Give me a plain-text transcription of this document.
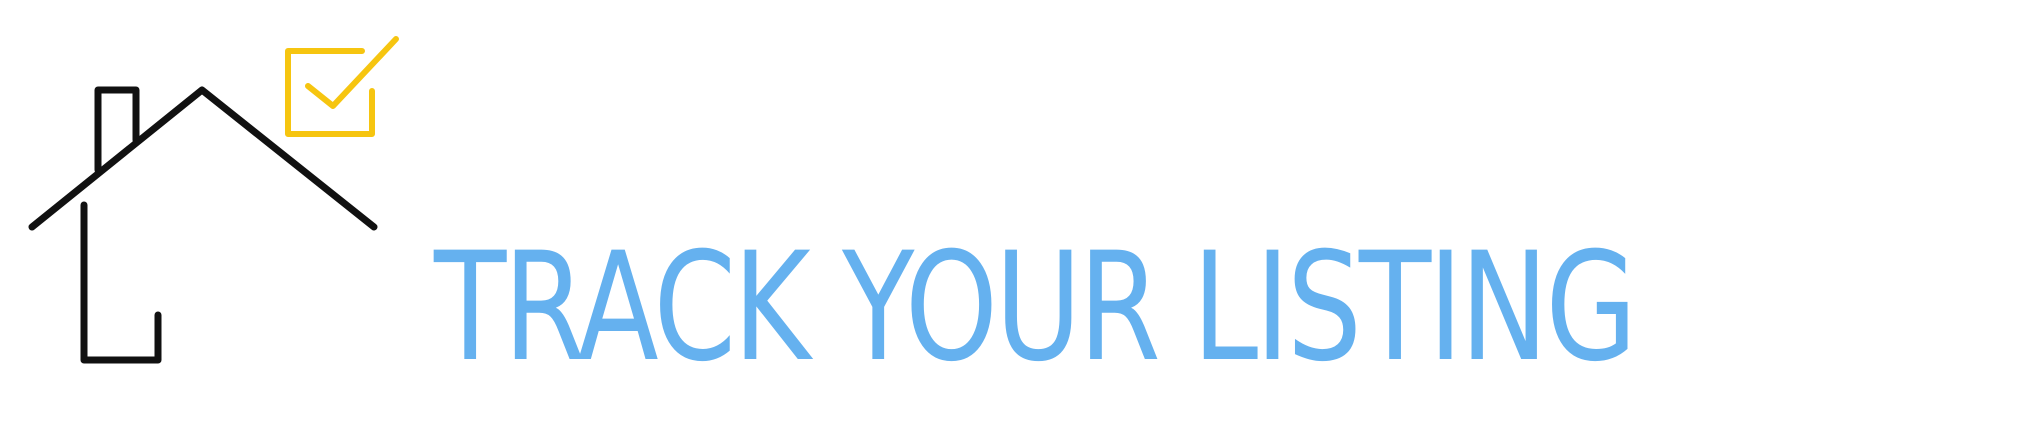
TRACK YOUR LISTING
